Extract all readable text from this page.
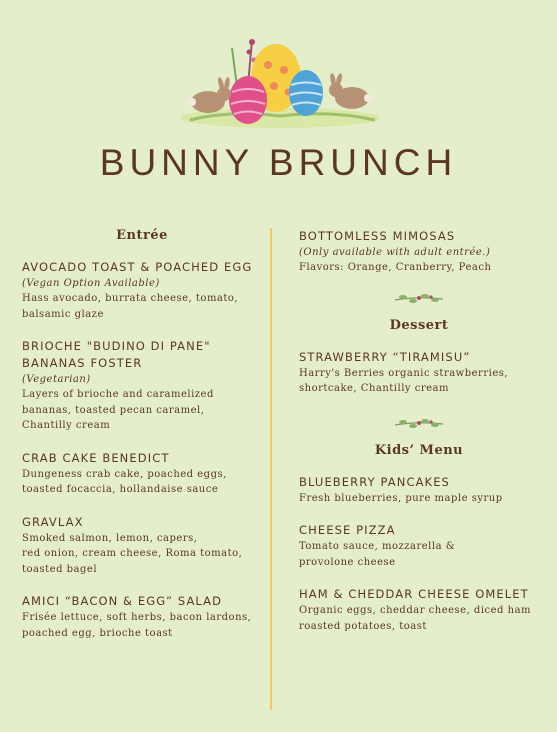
BUNNY BRUNCH
Entrée
AVOCADO TOAST & POACHED EGG
(Vegan Option Available)
Hass avocado, burrata cheese, tomato,
balsamic glaze
BRIOCHE "BUDINO DI PANE" BANANAS FOSTER
(Vegetarian)
Layers of brioche and caramelized
bananas, toasted pecan caramel,
Chantilly cream
CRAB CAKE BENEDICT
Dungeness crab cake, poached eggs,
toasted focaccia, hollandaise sauce
GRAVLAX
Smoked salmon, lemon, capers,
red onion, cream cheese, Roma tomato,
toasted bagel
AMICI “BACON & EGG” SALAD
Frisée lettuce, soft herbs, bacon lardons,
poached egg, brioche toast
BOTTOMLESS MIMOSAS
(Only available with adult entrée.)
Flavors: Orange, Cranberry, Peach
Dessert
STRAWBERRY “TIRAMISU”
Harry's Berries organic strawberries,
shortcake, Chantilly cream
Kids’ Menu
BLUEBERRY PANCAKES
Fresh blueberries, pure maple syrup
CHEESE PIZZA
Tomato sauce, mozzarella &
provolone cheese
HAM & CHEDDAR CHEESE OMELET
Organic eggs, cheddar cheese, diced ham
roasted potatoes, toast
